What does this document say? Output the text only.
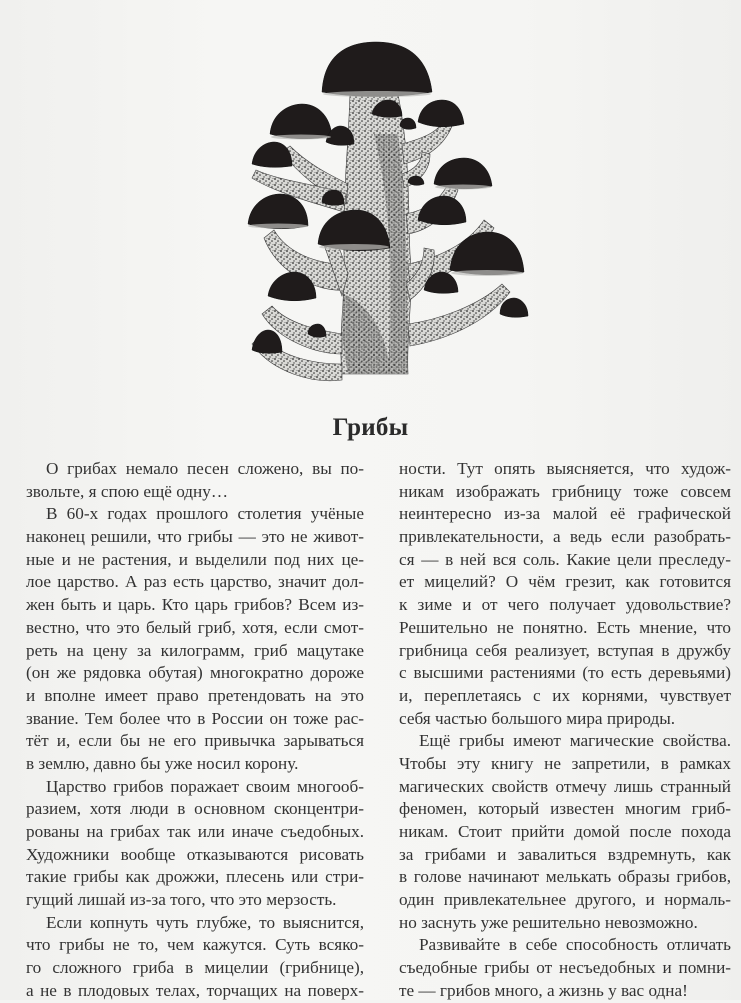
Грибы
О грибах немало песен сложено, вы по-
звольте, я спою ещё одну…
В 60-х годах прошлого столетия учёные
наконец решили, что грибы — это не живот-
ные и не растения, и выделили под них це-
лое царство. А раз есть царство, значит дол-
жен быть и царь. Кто царь грибов? Всем из-
вестно, что это белый гриб, хотя, если смот-
реть на цену за килограмм, гриб мацутаке
(он же рядовка обутая) многократно дороже
и вполне имеет право претендовать на это
звание. Тем более что в России он тоже рас-
тёт и, если бы не его привычка зарываться
в землю, давно бы уже носил корону.
Царство грибов поражает своим многооб-
разием, хотя люди в основном сконцентри-
рованы на грибах так или иначе съедобных.
Художники вообще отказываются рисовать
такие грибы как дрожжи, плесень или стри-
гущий лишай из-за того, что это мерзость.
Если копнуть чуть глубже, то выяснится,
что грибы не то, чем кажутся. Суть всяко-
го сложного гриба в мицелии (грибнице),
а не в плодовых телах, торчащих на поверх-
ности. Тут опять выясняется, что худож-
никам изображать грибницу тоже совсем
неинтересно из-за малой её графической
привлекательности, а ведь если разобрать-
ся — в ней вся соль. Какие цели преследу-
ет мицелий? О чём грезит, как готовится
к зиме и от чего получает удовольствие?
Решительно не понятно. Есть мнение, что
грибница себя реализует, вступая в дружбу
с высшими растениями (то есть деревьями)
и, переплетаясь с их корнями, чувствует
себя частью большого мира природы.
Ещё грибы имеют магические свойства.
Чтобы эту книгу не запретили, в рамках
магических свойств отмечу лишь странный
феномен, который известен многим гриб-
никам. Стоит прийти домой после похода
за грибами и завалиться вздремнуть, как
в голове начинают мелькать образы грибов,
один привлекательнее другого, и нормаль-
но заснуть уже решительно невозможно.
Развивайте в себе способность отличать
съедобные грибы от несъедобных и помни-
те — грибов много, а жизнь у вас одна!
